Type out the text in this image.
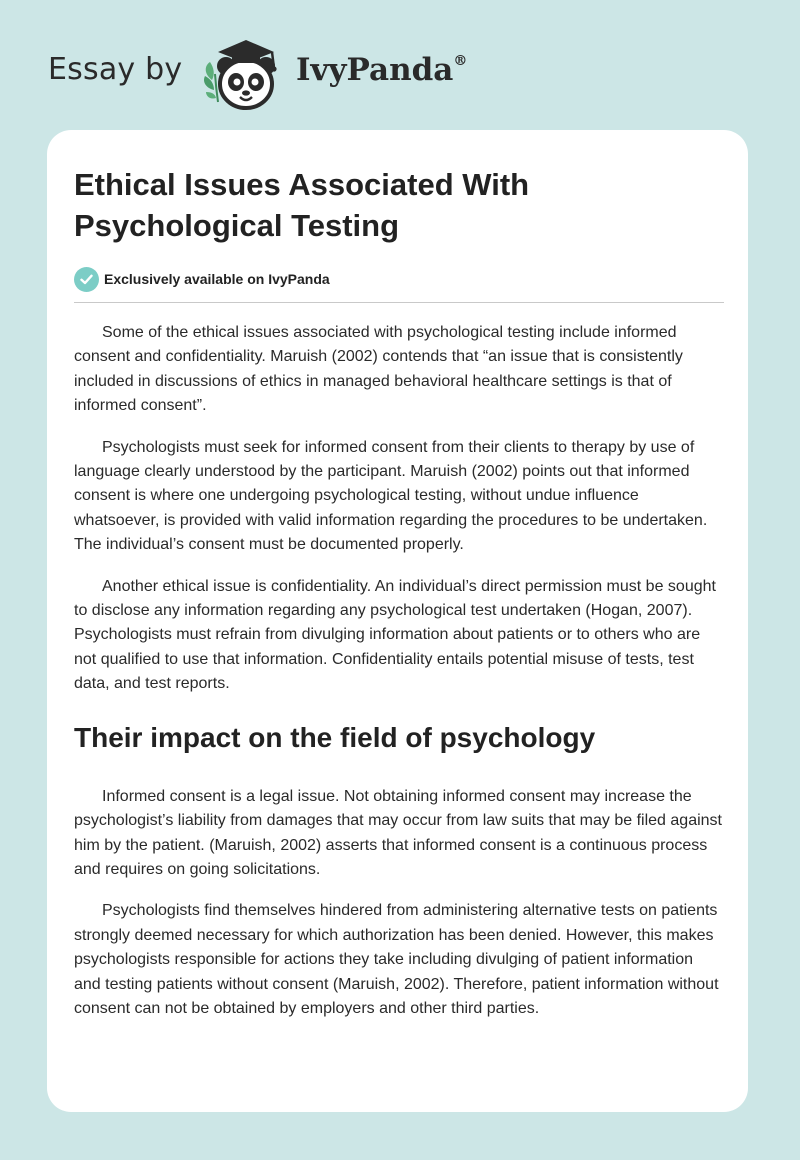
Essay by	IvyPanda®
Ethical Issues Associated With Psychological Testing
Exclusively available on IvyPanda

Some of the ethical issues associated with psychological testing include informed consent and confidentiality. Maruish (2002) contends that “an issue that is consistently included in discussions of ethics in managed behavioral healthcare settings is that of informed consent”.

Psychologists must seek for informed consent from their clients to therapy by use of language clearly understood by the participant. Maruish (2002) points out that informed consent is where one undergoing psychological testing, without undue influence whatsoever, is provided with valid information regarding the procedures to be undertaken. The individual’s consent must be documented properly.

Another ethical issue is confidentiality. An individual’s direct permission must be sought to disclose any information regarding any psychological test undertaken (Hogan, 2007). Psychologists must refrain from divulging information about patients or to others who are not qualified to use that information. Confidentiality entails potential misuse of tests, test data, and test reports.

Their impact on the field of psychology

Informed consent is a legal issue. Not obtaining informed consent may increase the psychologist’s liability from damages that may occur from law suits that may be filed against him by the patient. (Maruish, 2002) asserts that informed consent is a continuous process and requires on going solicitations.

Psychologists find themselves hindered from administering alternative tests on patients strongly deemed necessary for which authorization has been denied. However, this makes psychologists responsible for actions they take including divulging of patient information and testing patients without consent (Maruish, 2002). Therefore, patient information without consent can not be obtained by employers and other third parties.
